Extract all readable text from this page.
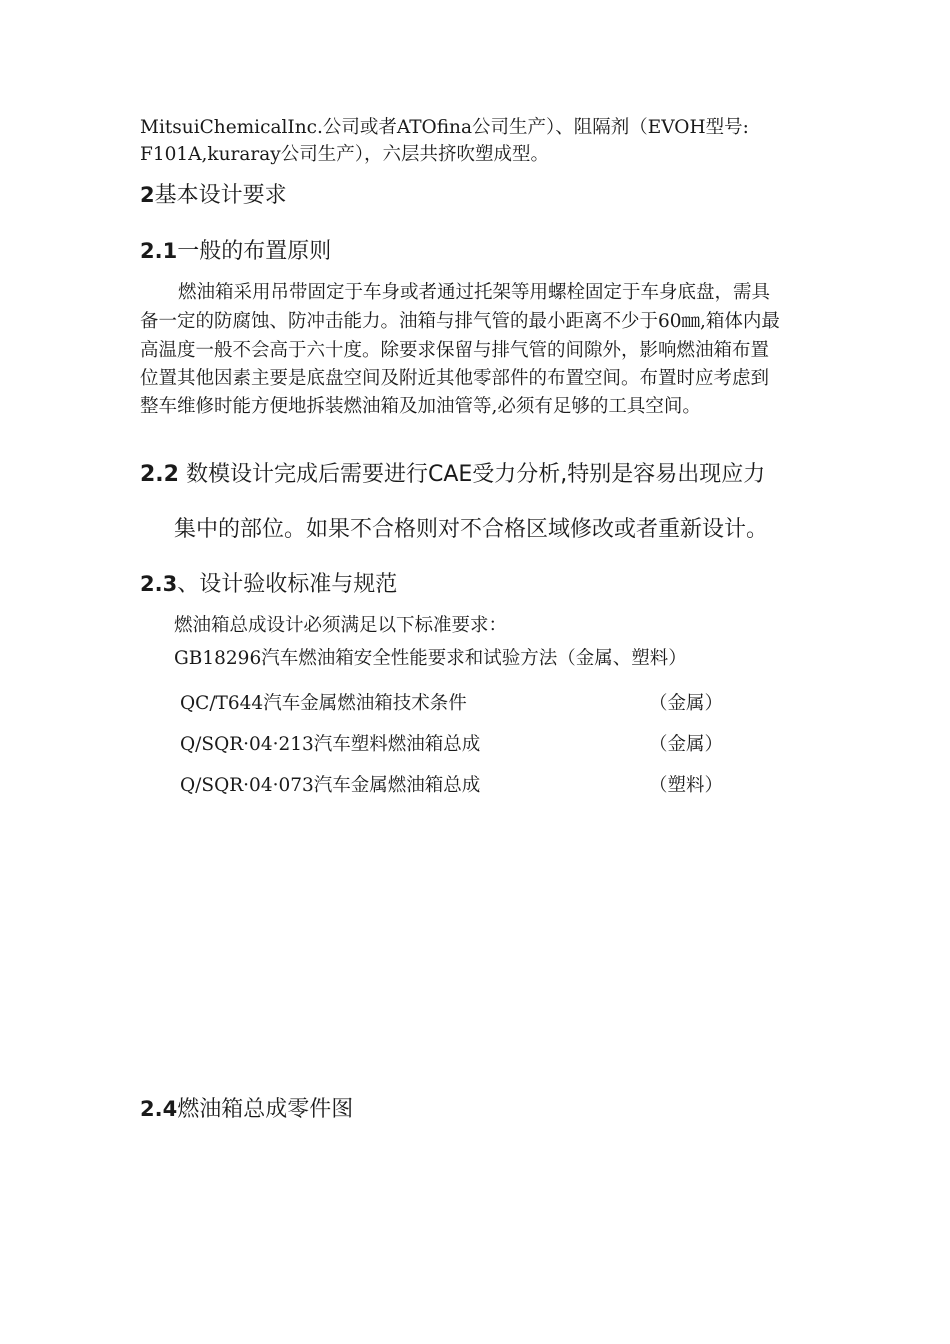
MitsuiChemicalInc.公司或者ATOfina公司生产）、阻隔剂（EVOH型号:
F101A,kuraray公司生产），六层共挤吹塑成型。
2基本设计要求
2.1一般的布置原则
燃油箱采用吊带固定于车身或者通过托架等用螺栓固定于车身底盘，需具
备一定的防腐蚀、防冲击能力。油箱与排气管的最小距离不少于60㎜,箱体内最
高温度一般不会高于六十度。除要求保留与排气管的间隙外，影响燃油箱布置
位置其他因素主要是底盘空间及附近其他零部件的布置空间。布置时应考虑到
整车维修时能方便地拆装燃油箱及加油管等,必须有足够的工具空间。
2.2 数模设计完成后需要进行CAE受力分析,特别是容易出现应力
集中的部位。如果不合格则对不合格区域修改或者重新设计。
2.3、设计验收标准与规范
燃油箱总成设计必须满足以下标准要求：
GB18296汽车燃油箱安全性能要求和试验方法（金属、塑料）
QC/T644汽车金属燃油箱技术条件	（金属）
Q/SQR·04·213汽车塑料燃油箱总成	（金属）
Q/SQR·04·073汽车金属燃油箱总成	（塑料）
2.4燃油箱总成零件图
